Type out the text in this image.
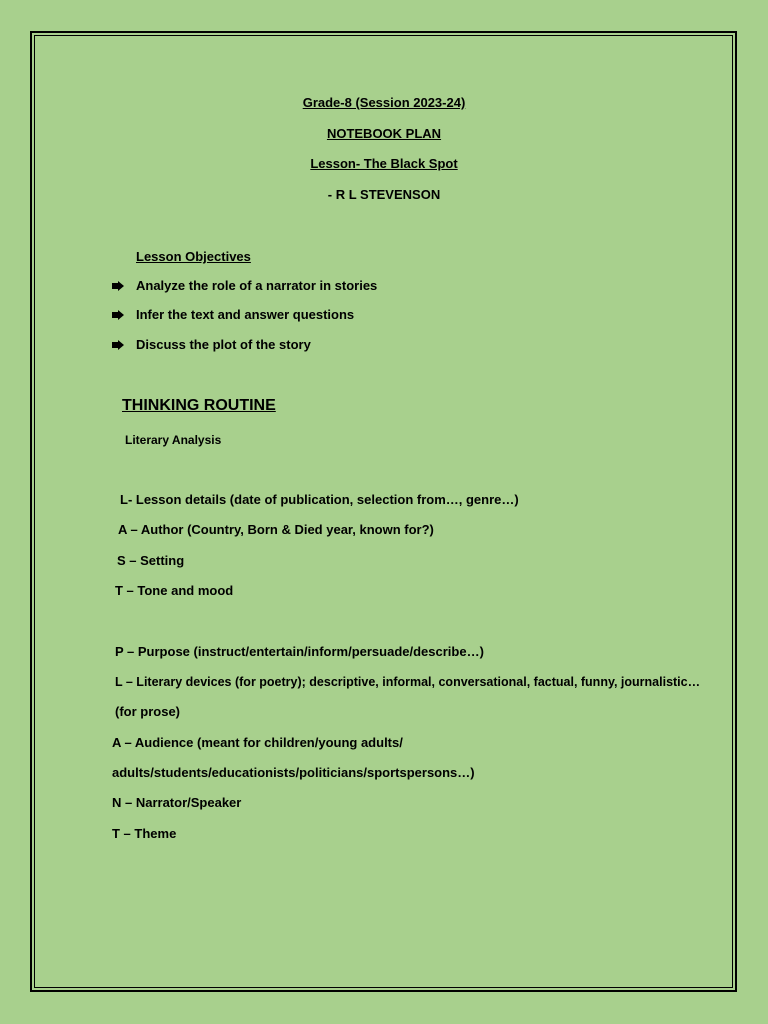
Grade-8 (Session 2023-24)
NOTEBOOK PLAN
Lesson- The Black Spot
- R L STEVENSON
Lesson Objectives
Analyze the role of a narrator in stories
Infer the text and answer questions
Discuss the plot of the story
THINKING ROUTINE
Literary Analysis
L- Lesson details (date of publication, selection from…, genre…)
A – Author (Country, Born & Died year, known for?)
S – Setting
T – Tone and mood
P – Purpose (instruct/entertain/inform/persuade/describe…)
L – Literary devices (for poetry); descriptive, informal, conversational, factual, funny, journalistic…
(for prose)
A – Audience (meant for children/young adults/
adults/students/educationists/politicians/sportspersons…)
N – Narrator/Speaker
T – Theme
